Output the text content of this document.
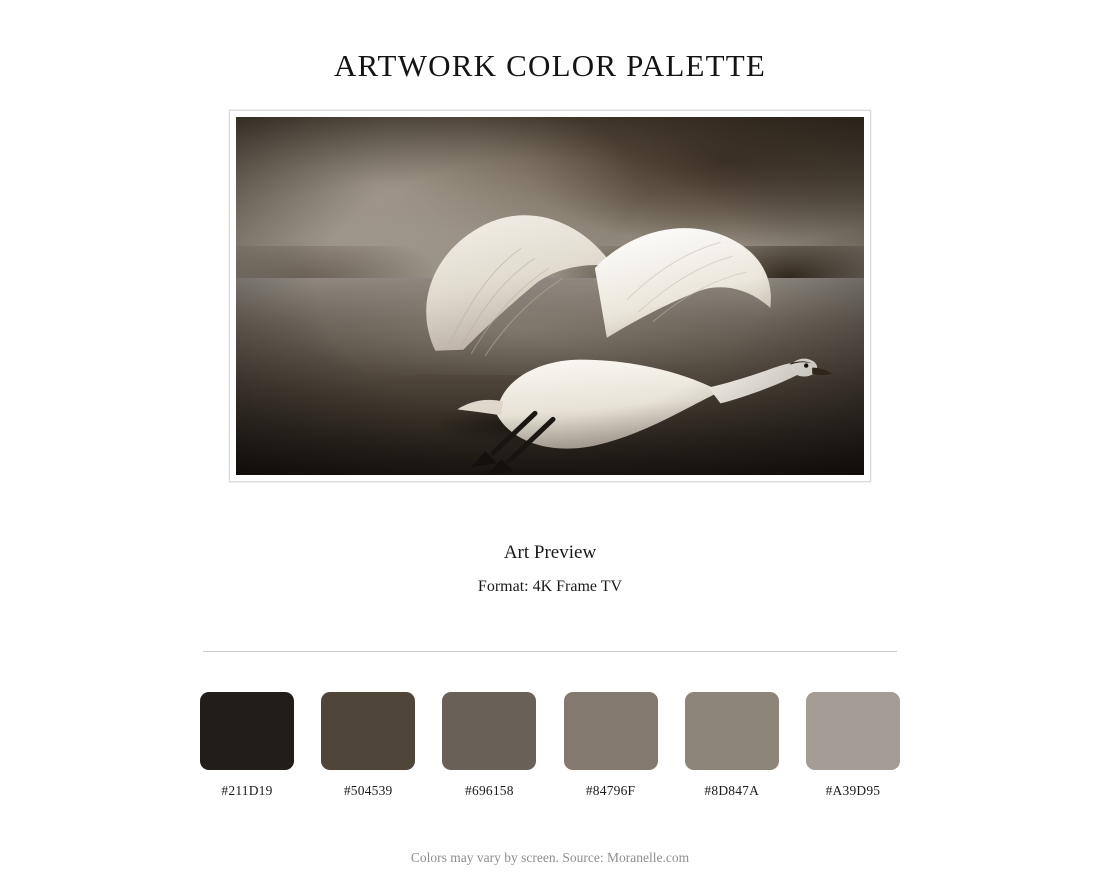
ARTWORK COLOR PALETTE
Art Preview
Format: 4K Frame TV
#211D19	#504539	#696158	#84796F	#8D847A	#A39D95
Colors may vary by screen. Source: Moranelle.com
